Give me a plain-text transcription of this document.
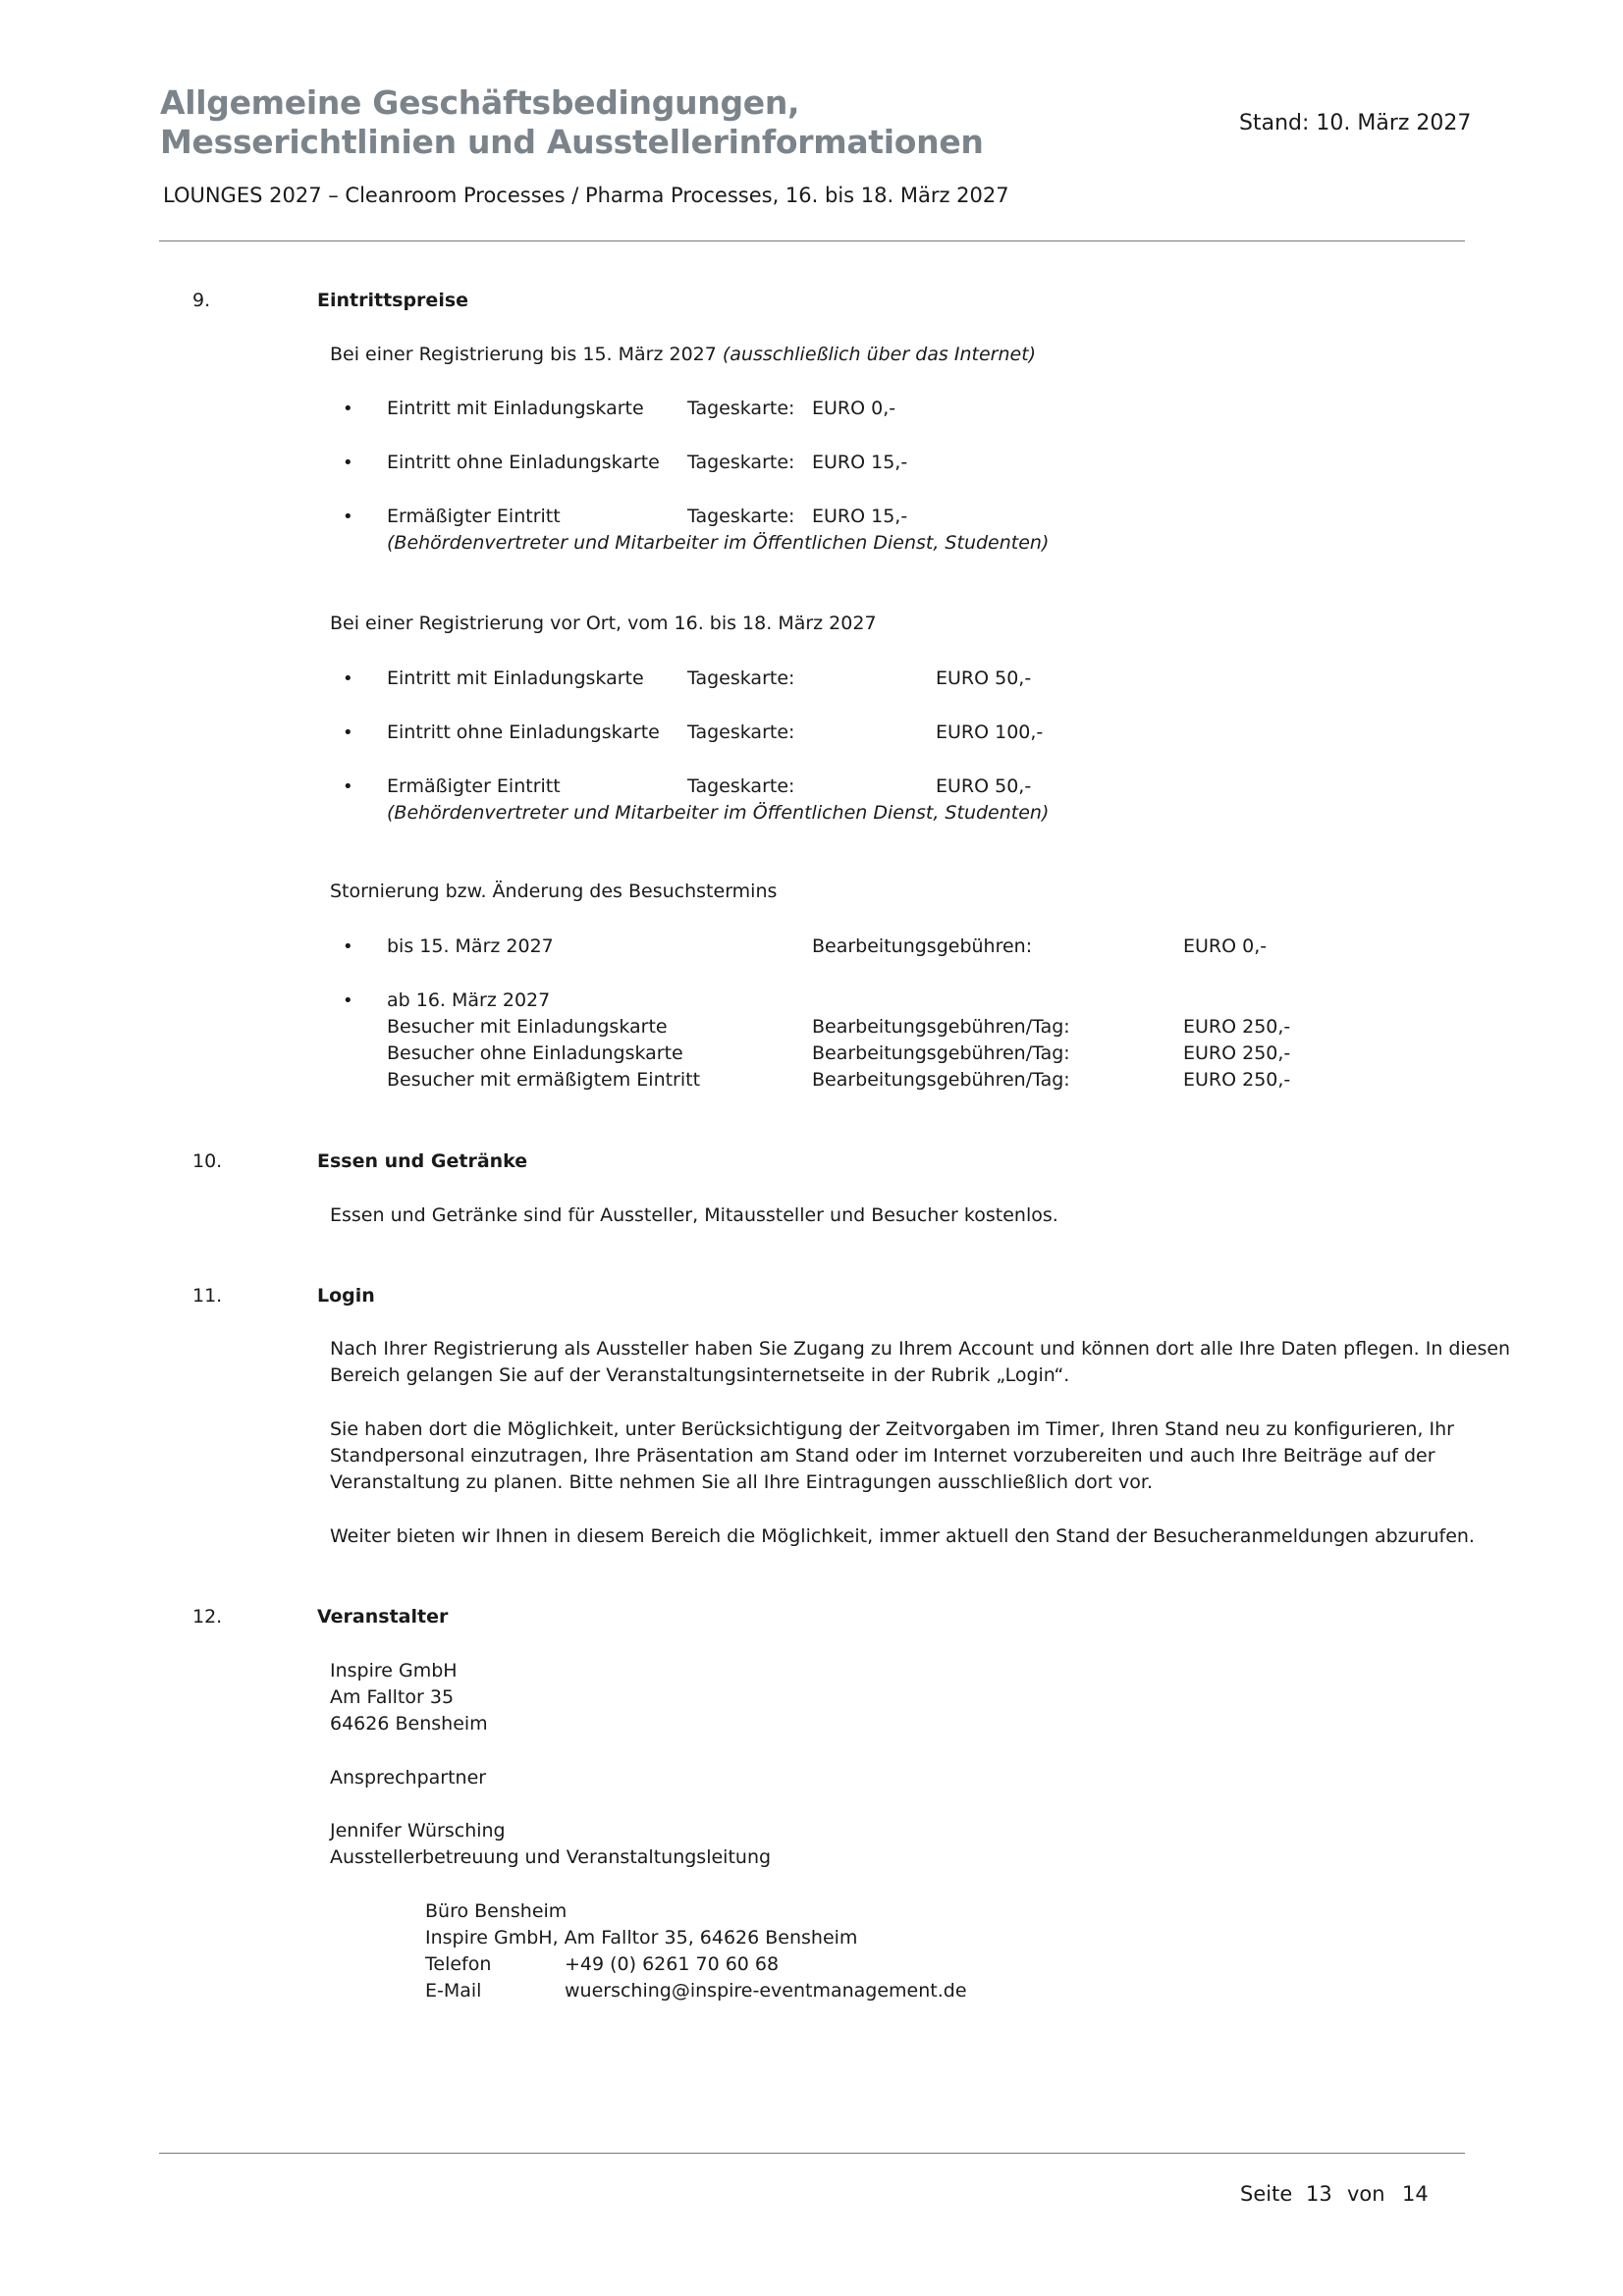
Allgemeine Geschäftsbedingungen,
Messerichtlinien und Ausstellerinformationen	Stand: 10. März 2027
LOUNGES 2027 – Cleanroom Processes / Pharma Processes, 16. bis 18. März 2027
9.	Eintrittspreise
Bei einer Registrierung bis 15. März 2027 (ausschließlich über das Internet)
• Eintritt mit Einladungskarte Tageskarte: EURO 0,-
• Eintritt ohne Einladungskarte Tageskarte: EURO 15,-
• Ermäßigter Eintritt	Tageskarte: EURO 15,-
(Behördenvertreter und Mitarbeiter im Öffentlichen Dienst, Studenten)
Bei einer Registrierung vor Ort, vom 16. bis 18. März 2027
• Eintritt mit Einladungskarte Tageskarte:	EURO 50,-
• Eintritt ohne Einladungskarte Tageskarte:	EURO 100,-
• Ermäßigter Eintritt	Tageskarte:	EURO 50,-
(Behördenvertreter und Mitarbeiter im Öffentlichen Dienst, Studenten)
Stornierung bzw. Änderung des Besuchstermins
• bis 15. März 2027	Bearbeitungsgebühren:	EURO 0,-
• ab 16. März 2027
Besucher mit Einladungskarte	Bearbeitungsgebühren/Tag:	EURO 250,-
Besucher ohne Einladungskarte	Bearbeitungsgebühren/Tag:	EURO 250,-
Besucher mit ermäßigtem Eintritt	Bearbeitungsgebühren/Tag:	EURO 250,-
10.	Essen und Getränke
Essen und Getränke sind für Aussteller, Mitaussteller und Besucher kostenlos.
11.	Login
Nach Ihrer Registrierung als Aussteller haben Sie Zugang zu Ihrem Account und können dort alle Ihre Daten pflegen. In diesen
Bereich gelangen Sie auf der Veranstaltungsinternetseite in der Rubrik „Login“.
Sie haben dort die Möglichkeit, unter Berücksichtigung der Zeitvorgaben im Timer, Ihren Stand neu zu konfigurieren, Ihr
Standpersonal einzutragen, Ihre Präsentation am Stand oder im Internet vorzubereiten und auch Ihre Beiträge auf der
Veranstaltung zu planen. Bitte nehmen Sie all Ihre Eintragungen ausschließlich dort vor.
Weiter bieten wir Ihnen in diesem Bereich die Möglichkeit, immer aktuell den Stand der Besucheranmeldungen abzurufen.
12.	Veranstalter
Inspire GmbH
Am Falltor 35
64626 Bensheim
Ansprechpartner
Jennifer Würsching
Ausstellerbetreuung und Veranstaltungsleitung
Büro Bensheim
Inspire GmbH, Am Falltor 35, 64626 Bensheim
Telefon	+49 (0) 6261 70 60 68
E-Mail	wuersching@inspire-eventmanagement.de
Seite 13 von 14
